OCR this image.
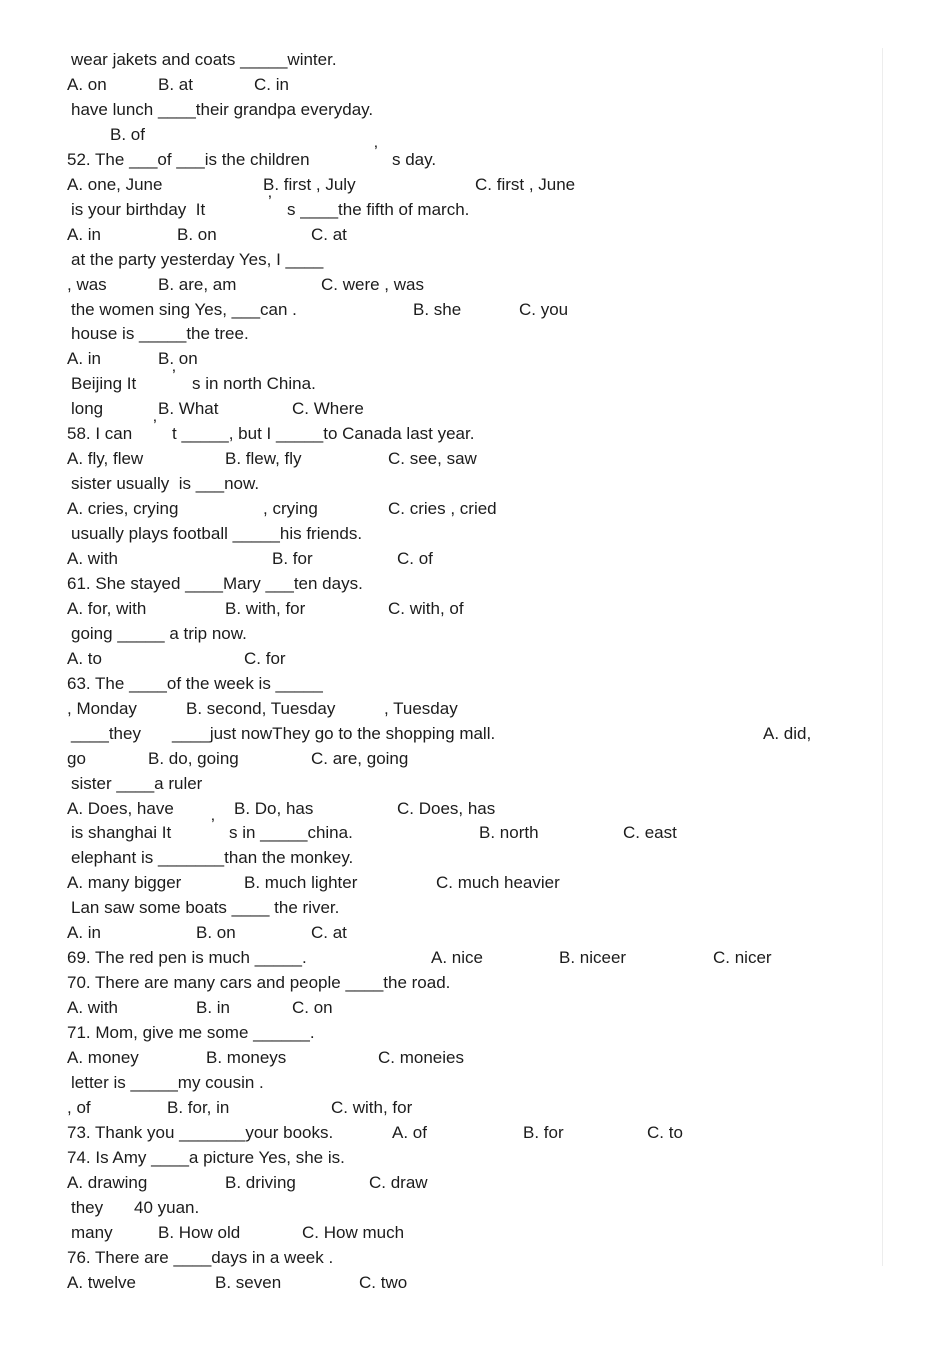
wear jakets and coats _____winter.
A. on	B. at	C. in
have lunch ____their grandpa everyday.
B. of
52. The ___of ___is the children	’ s day.
A. one, June	B. first , July	C. first , June
is your birthday  It	’ s ____the fifth of march.
A. in	B. on	C. at
at the party yesterday Yes, I ____
, was	B. are, am	C. were , was
the women sing Yes, ___can .	B. she	C. you
house is _____the tree.
A. in	B. on
Beijing It ’ s in north China.
long	B. What	C. Where
58. I can ’ t _____, but I _____to Canada last year.
A. fly, flew	B. flew, fly	C. see, saw
sister usually  is ___now.
A. cries, crying	, crying	C. cries , cried
usually plays football _____his friends.
A. with	B. for	C. of
61. She stayed ____Mary ___ten days.
A. for, with	B. with, for	C. with, of
going _____ a trip now.
A. to	C. for
63. The ____of the week is _____
, Monday	B. second, Tuesday	, Tuesday
____they ____just nowThey go to the shopping mall.	A. did,
go	B. do, going	C. are, going
sister ____a ruler
A. Does, have	B. Do, has	C. Does, has
is shanghai It ’ s in _____china.	B. north	C. east
elephant is _______than the monkey.
A. many bigger	B. much lighter	C. much heavier
Lan saw some boats ____ the river.
A. in	B. on	C. at
69. The red pen is much _____.	A. nice	B. niceer	C. nicer
70. There are many cars and people ____the road.
A. with	B. in	C. on
71. Mom, give me some ______.
A. money	B. moneys	C. moneies
letter is _____my cousin .
, of	B. for, in	C. with, for
73. Thank you _______your books.	A. of	B. for	C. to
74. Is Amy ____a picture Yes, she is.
A. drawing	B. driving	C. draw
they 40 yuan.
many	B. How old	C. How much
76. There are ____days in a week .
A. twelve	B. seven	C. two
